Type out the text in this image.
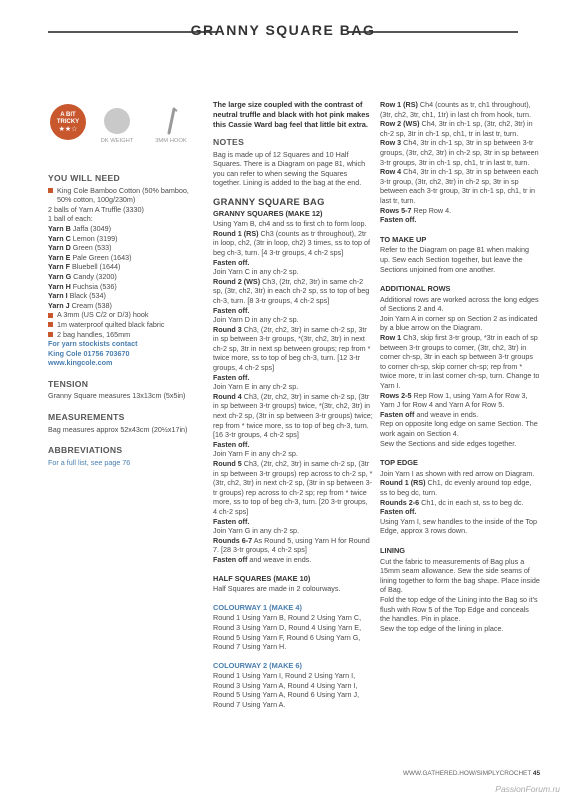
GRANNY SQUARE BAG
A BIT TRICKY
★★☆
DK WEIGHT	3MM HOOK
YOU WILL NEED
King Cole Bamboo Cotton (50% bamboo, 50% cotton, 100g/230m)

2 balls of Yarn A Truffle (3330)

1 ball of each:

Yarn B Jaffa (3049)

Yarn C Lemon (3199)

Yarn D Green (533)

Yarn E Pale Green (1643)

Yarn F Bluebell (1644)

Yarn G Candy (3200)

Yarn H Fuchsia (536)

Yarn I Black (534)

Yarn J Cream (538)

A 3mm (US C/2 or D/3) hook
1m waterproof quilted black fabric
2 bag handles, 165mm

For yarn stockists contact

King Cole 01756 703670

www.kingcole.com

TENSION

Granny Square measures 13x13cm (5x5in)

MEASUREMENTS

Bag measures approx 52x43cm (20½x17in)

ABBREVIATIONS

For a full list, see page 76

The large size coupled with the contrast of neutral truffle and black with hot pink makes this Cassie Ward bag feel that little bit extra.

NOTES

Bag is made up of 12 Squares and 10 Half Squares. There is a Diagram on page 81, which you can refer to when sewing the Squares together. Lining is added to the bag at the end.

GRANNY SQUARE BAG
GRANNY SQUARES (MAKE 12)

Using Yarn B, ch4 and ss to first ch to form loop.

Round 1 (RS) Ch3 (counts as tr throughout), 2tr in loop, ch2, (3tr in loop, ch2) 3 times, ss to top of beg ch-3, turn. [4 3-tr groups, 4 ch-2 sps]

Fasten off.

Join Yarn C in any ch-2 sp.

Round 2 (WS) Ch3, (2tr, ch2, 3tr) in same ch-2 sp, (3tr, ch2, 3tr) in each ch-2 sp, ss to top of beg ch-3, turn. [8 3-tr groups, 4 ch-2 sps]

Fasten off.

Join Yarn D in any ch-2 sp.

Round 3 Ch3, (2tr, ch2, 3tr) in same ch-2 sp, 3tr in sp between 3-tr groups, *(3tr, ch2, 3tr) in next ch-2 sp, 3tr in next sp between groups; rep from * twice more, ss to top of beg ch-3, turn. [12 3-tr groups, 4 ch-2 sps]

Fasten off.

Join Yarn E in any ch-2 sp.

Round 4 Ch3, (2tr, ch2, 3tr) in same ch-2 sp, (3tr in sp between 3-tr groups) twice, *(3tr, ch2, 3tr) in next ch-2 sp, (3tr in sp between 3-tr groups) twice; rep from * twice more, ss to top of beg ch-3, turn. [16 3-tr groups, 4 ch-2 sps]

Fasten off.

Join Yarn F in any ch-2 sp.

Round 5 Ch3, (2tr, ch2, 3tr) in same ch-2 sp, (3tr in sp between 3-tr groups) rep across to ch-2 sp, *(3tr, ch2, 3tr) in next ch-2 sp, (3tr in sp between 3-tr groups) rep across to ch-2 sp; rep from * twice more, ss to top of beg ch-3, turn. [20 3-tr groups, 4 ch-2 sps]

Fasten off.

Join Yarn G in any ch-2 sp.

Rounds 6-7 As Round 5, using Yarn H for Round 7. [28 3-tr groups, 4 ch-2 sps]

Fasten off and weave in ends.

HALF SQUARES (MAKE 10)

Half Squares are made in 2 colourways.

COLOURWAY 1 (MAKE 4)

Round 1 Using Yarn B, Round 2 Using Yarn C, Round 3 Using Yarn D, Round 4 Using Yarn E, Round 5 Using Yarn F, Round 6 Using Yarn G, Round 7 Using Yarn H.

COLOURWAY 2 (MAKE 6)

Round 1 Using Yarn I, Round 2 Using Yarn I, Round 3 Using Yarn A, Round 4 Using Yarn I, Round 5 Using Yarn A, Round 6 Using Yarn J, Round 7 Using Yarn A.

Row 1 (RS) Ch4 (counts as tr, ch1 throughout), (3tr, ch2, 3tr, ch1, 1tr) in last ch from hook, turn.

Row 2 (WS) Ch4, 3tr in ch-1 sp, (3tr, ch2, 3tr) in ch-2 sp, 3tr in ch-1 sp, ch1, tr in last tr, turn.

Row 3 Ch4, 3tr in ch-1 sp, 3tr in sp between 3-tr groups, (3tr, ch2, 3tr) in ch-2 sp, 3tr in sp between 3-tr groups, 3tr in ch-1 sp, ch1, tr in last tr, turn.

Row 4 Ch4, 3tr in ch-1 sp, 3tr in sp between each 3-tr group, (3tr, ch2, 3tr) in ch-2 sp, 3tr in sp between each 3-tr group, 3tr in ch-1 sp, ch1, tr in last tr, turn.

Rows 5-7 Rep Row 4.

Fasten off.

TO MAKE UP

Refer to the Diagram on page 81 when making up. Sew each Section together, but leave the Sections unjoined from one another.

ADDITIONAL ROWS

Additional rows are worked across the long edges of Sections 2 and 4.

Join Yarn A in corner sp on Section 2 as indicated by a blue arrow on the Diagram.

Row 1 Ch3, skip first 3-tr group, *3tr in each of sp between 3-tr groups to corner, (3tr, ch2, 3tr) in corner ch-sp, 3tr in each sp between 3-tr groups to corner ch-sp, skip corner ch-sp; rep from * twice more, tr in last corner ch-sp, turn. Change to Yarn I.

Rows 2-5 Rep Row 1, using Yarn A for Row 3, Yarn J for Row 4 and Yarn A for Row 5.

Fasten off and weave in ends.

Rep on opposite long edge on same Section. The work again on Section 4.

Sew the Sections and side edges together.

TOP EDGE

Join Yarn I as shown with red arrow on Diagram.

Round 1 (RS) Ch1, dc evenly around top edge, ss to beg dc, turn.

Rounds 2-6 Ch1, dc in each st, ss to beg dc.

Fasten off.

Using Yarn I, sew handles to the inside of the Top Edge, approx 3 rows down.

LINING

Cut the fabric to measurements of Bag plus a 15mm seam allowance. Sew the side seams of lining together to form the bag shape. Place inside of Bag.

Fold the top edge of the Lining into the Bag so it's flush with Row 5 of the Top Edge and conceals the handles. Pin in place.

Sew the top edge of the lining in place.

WWW.GATHERED.HOW/SIMPLYCROCHET 45
PassionForum.ru
